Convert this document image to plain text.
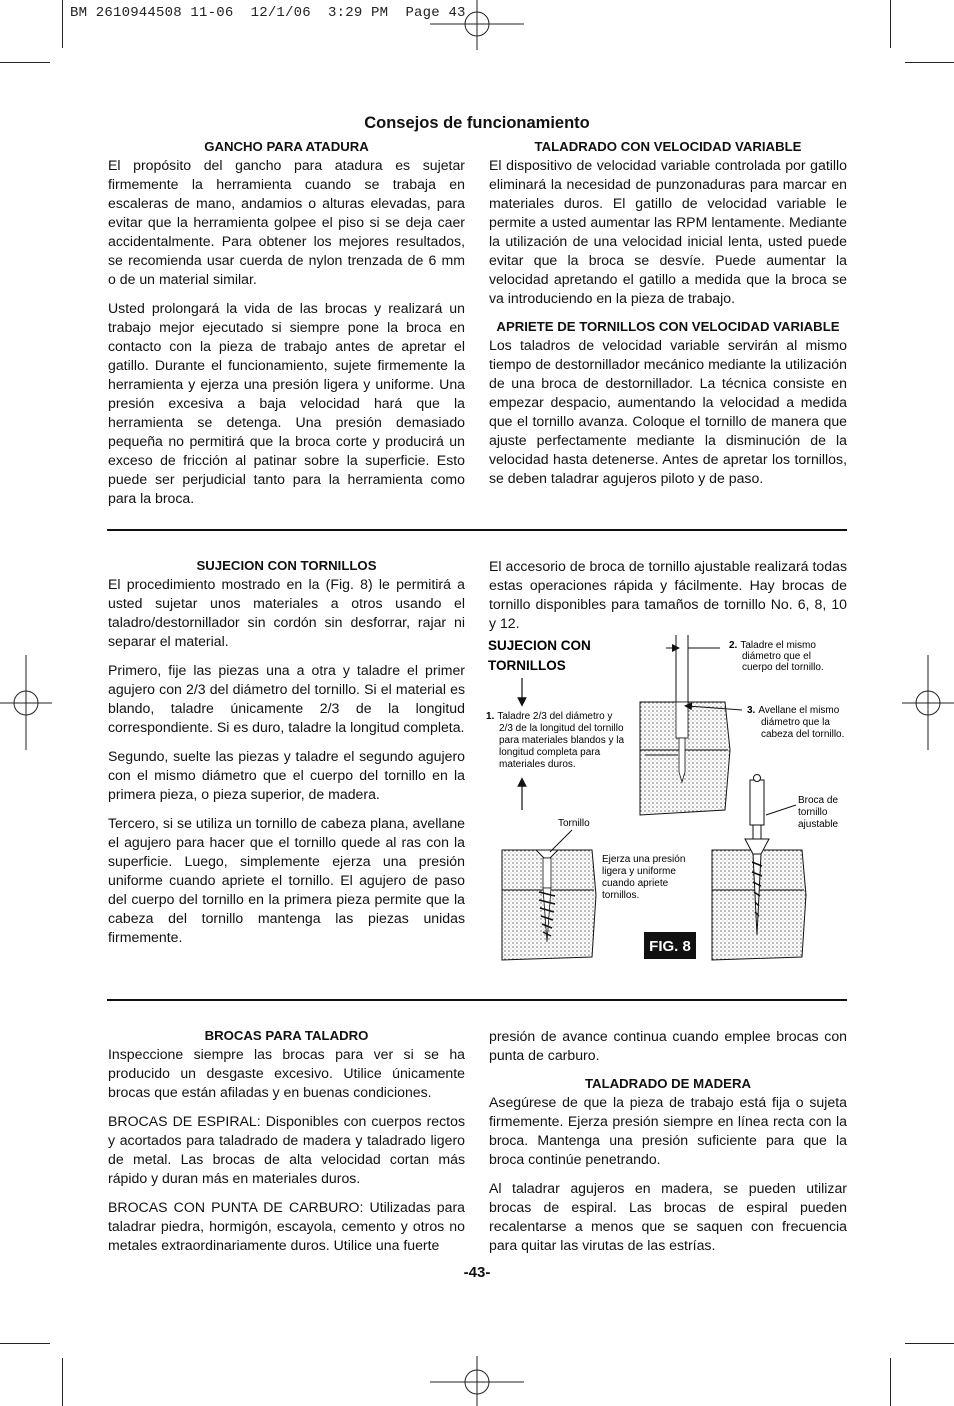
BM 2610944508 11-06  12/1/06  3:29 PM  Page 43
Consejos de funcionamiento
GANCHO PARA ATADURA

El propósito del gancho para atadura es sujetar firmemente la herramienta cuando se trabaja en escaleras de mano, andamios o alturas elevadas, para evitar que la herramienta golpee el piso si se deja caer accidentalmente. Para obtener los mejores resultados, se recomienda usar cuerda de nylon trenzada de 6 mm o de un material similar.

Usted prolongará la vida de las brocas y realizará un trabajo mejor ejecutado si siempre pone la broca en contacto con la pieza de trabajo antes de apretar el gatillo. Durante el funcionamiento, sujete firmemente la herramienta y ejerza una presión ligera y uniforme. Una presión excesiva a baja velocidad hará que la herramienta se detenga. Una presión demasiado pequeña no permitirá que la broca corte y producirá un exceso de fricción al patinar sobre la superficie. Esto puede ser perjudicial tanto para la herramienta como para la broca.

TALADRADO CON VELOCIDAD VARIABLE

El dispositivo de velocidad variable controlada por gatillo eliminará la necesidad de punzonaduras para marcar en materiales duros. El gatillo de velocidad variable le permite a usted aumentar las RPM lentamente. Mediante la utilización de una velocidad inicial lenta, usted puede evitar que la broca se desvíe. Puede aumentar la velocidad apretando el gatillo a medida que la broca se va introduciendo en la pieza de trabajo.

APRIETE DE TORNILLOS CON VELOCIDAD VARIABLE

Los taladros de velocidad variable servirán al mismo tiempo de destornillador mecánico mediante la utilización de una broca de destornillador. La técnica consiste en empezar despacio, aumentando la velocidad a medida que el tornillo avanza. Coloque el tornillo de manera que ajuste perfectamente mediante la disminución de la velocidad hasta detenerse. Antes de apretar los tornillos, se deben taladrar agujeros piloto y de paso.

SUJECION CON TORNILLOS

El procedimiento mostrado en la (Fig. 8) le permitirá a usted sujetar unos materiales a otros usando el taladro/destornillador sin cordón sin desforrar, rajar ni separar el material.

Primero, fije las piezas una a otra y taladre el primer agujero con 2/3 del diámetro del tornillo. Si el material es blando, taladre únicamente 2/3 de la longitud correspondiente. Si es duro, taladre la longitud completa.

Segundo, suelte las piezas y taladre el segundo agujero con el mismo diámetro que el cuerpo del tornillo en la primera pieza, o pieza superior, de madera.

Tercero, si se utiliza un tornillo de cabeza plana, avellane el agujero para hacer que el tornillo quede al ras con la superficie. Luego, simplemente ejerza una presión uniforme cuando apriete el tornillo. El agujero de paso del cuerpo del tornillo en la primera pieza permite que la cabeza del tornillo mantenga las piezas unidas firmemente.

El accesorio de broca de tornillo ajustable realizará todas estas operaciones rápida y fácilmente. Hay brocas de tornillo disponibles para tamaños de tornillo No. 6, 8, 10 y 12.

SUJECION CON
TORNILLOS
2. Taladre el mismo diámetro que el cuerpo del tornillo.
3. Avellane el mismo diámetro que la cabeza del tornillo.
1. Taladre 2/3 del diámetro y 2/3 de la longitud del tornillo para materiales blandos y la longitud completa para materiales duros.
Tornillo
Ejerza una presión ligera y uniforme cuando apriete tornillos.
Broca de tornillo ajustable
FIG. 8
BROCAS PARA TALADRO

Inspeccione siempre las brocas para ver si se ha producido un desgaste excesivo. Utilice únicamente brocas que están afiladas y en buenas condiciones.

BROCAS DE ESPIRAL: Disponibles con cuerpos rectos y acortados para taladrado de madera y taladrado ligero de metal. Las brocas de alta velocidad cortan más rápido y duran más en materiales duros.

BROCAS CON PUNTA DE CARBURO: Utilizadas para taladrar piedra, hormigón, escayola, cemento y otros no metales extraordinariamente duros. Utilice una fuerte

presión de avance continua cuando emplee brocas con punta de carburo.

TALADRADO DE MADERA

Asegúrese de que la pieza de trabajo está fija o sujeta firmemente. Ejerza presión siempre en línea recta con la broca. Mantenga una presión suficiente para que la broca continúe penetrando.

Al taladrar agujeros en madera, se pueden utilizar brocas de espiral. Las brocas de espiral pueden recalentarse a menos que se saquen con frecuencia para quitar las virutas de las estrías.

-43-
